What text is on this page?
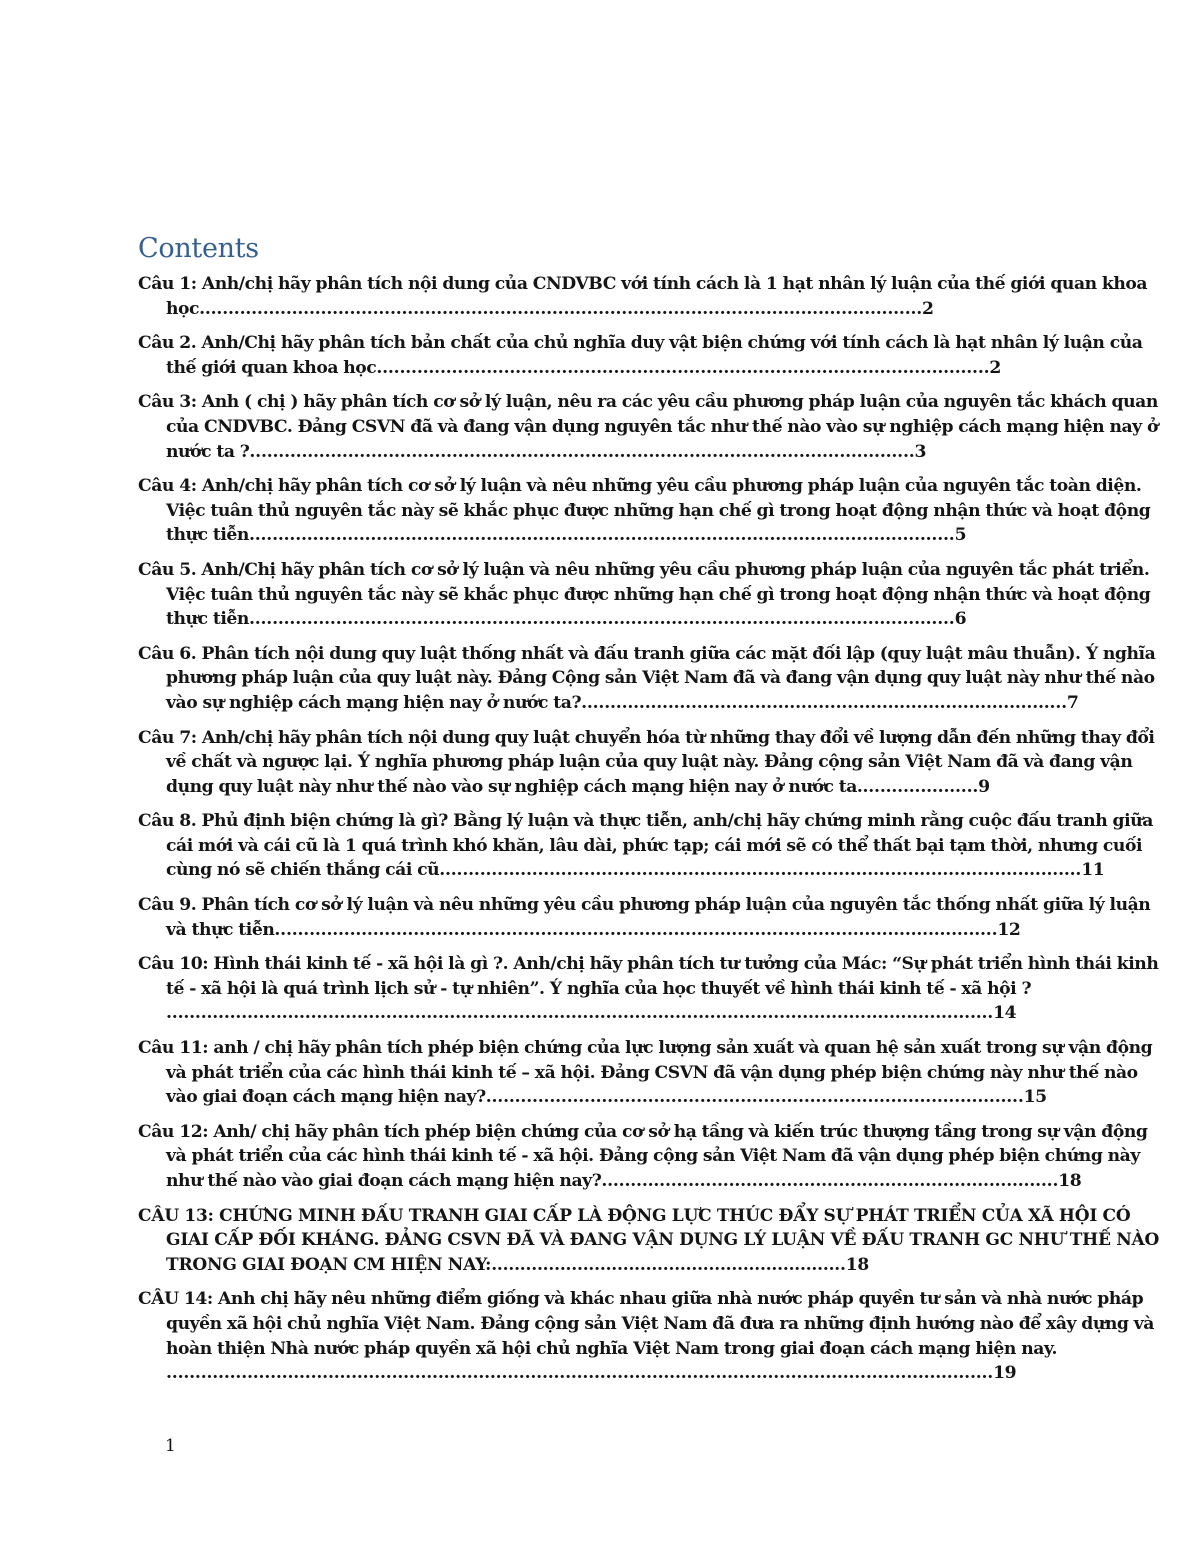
Contents
Câu 1: Anh/chị hãy phân tích nội dung của CNDVBC với tính cách là 1 hạt nhân lý luận của thế giới quan khoa học.............................................................................................................................2
Câu 2. Anh/Chị hãy phân tích bản chất của chủ nghĩa duy vật biện chứng với tính cách là hạt nhân lý luận của thế giới quan khoa học..........................................................................................................2
Câu 3: Anh ( chị ) hãy phân tích cơ sở lý luận, nêu ra các yêu cầu phương pháp luận của nguyên tắc khách quan của CNDVBC. Đảng CSVN đã và đang vận dụng nguyên tắc như thế nào vào sự nghiệp cách mạng hiện nay ở nước ta ?...................................................................................................................3
Câu 4: Anh/chị hãy phân tích cơ sở lý luận và nêu những yêu cầu phương pháp luận của nguyên tắc toàn diện. Việc tuân thủ nguyên tắc này sẽ khắc phục được những hạn chế gì trong hoạt động nhận thức và hoạt động thực tiễn..........................................................................................................................5
Câu 5. Anh/Chị hãy phân tích cơ sở lý luận và nêu những yêu cầu phương pháp luận của nguyên tắc phát triển. Việc tuân thủ nguyên tắc này sẽ khắc phục được những hạn chế gì trong hoạt động nhận thức và hoạt động thực tiễn..........................................................................................................................6
Câu 6. Phân tích nội dung quy luật thống nhất và đấu tranh giữa các mặt đối lập (quy luật mâu thuẫn). Ý nghĩa phương pháp luận của quy luật này. Đảng Cộng sản Việt Nam đã và đang vận dụng quy luật này như thế nào vào sự nghiệp cách mạng hiện nay ở nước ta?....................................................................................7
Câu 7: Anh/chị hãy phân tích nội dung quy luật chuyển hóa từ những thay đổi về lượng dẫn đến những thay đổi về chất và ngược lại. Ý nghĩa phương pháp luận của quy luật này. Đảng cộng sản Việt Nam đã và đang vận dụng quy luật này như thế nào vào sự nghiệp cách mạng hiện nay ở nước ta.....................9
Câu 8. Phủ định biện chứng là gì? Bằng lý luận và thực tiễn, anh/chị hãy chứng minh rằng cuộc đấu tranh giữa cái mới và cái cũ là 1 quá trình khó khăn, lâu dài, phức tạp; cái mới sẽ có thể thất bại tạm thời, nhưng cuối cùng nó sẽ chiến thắng cái cũ...............................................................................................................11
Câu 9. Phân tích cơ sở lý luận và nêu những yêu cầu phương pháp luận của nguyên tắc thống nhất giữa lý luận và thực tiễn.............................................................................................................................12
Câu 10: Hình thái kinh tế - xã hội là gì ?. Anh/chị hãy phân tích tư tưởng của Mác: “Sự phát triển hình thái kinh tế - xã hội là quá trình lịch sử - tự nhiên”. Ý nghĩa của học thuyết về hình thái kinh tế - xã hội ? ...............................................................................................................................................14
Câu 11: anh / chị hãy phân tích phép biện chứng của lực lượng sản xuất và quan hệ sản xuất trong sự vận động và phát triển của các hình thái kinh tế – xã hội. Đảng CSVN đã vận dụng phép biện chứng này như thế nào vào giai đoạn cách mạng hiện nay?.............................................................................................15
Câu 12: Anh/ chị hãy phân tích phép biện chứng của cơ sở hạ tầng và kiến trúc thượng tầng trong sự vận động và phát triển của các hình thái kinh tế - xã hội. Đảng cộng sản Việt Nam đã vận dụng phép biện chứng này như thế nào vào giai đoạn cách mạng hiện nay?...............................................................................18
CÂU 13: CHỨNG MINH ĐẤU TRANH GIAI CẤP LÀ ĐỘNG LỰC THÚC ĐẨY SỰ PHÁT TRIỂN CỦA XÃ HỘI CÓ GIAI CẤP ĐỐI KHÁNG. ĐẢNG CSVN ĐÃ VÀ ĐANG VẬN DỤNG LÝ LUẬN VỀ ĐẤU TRANH GC NHƯ THẾ NÀO TRONG GIAI ĐOẠN CM HIỆN NAY:..............................................................18
CÂU 14: Anh chị hãy nêu những điểm giống và khác nhau giữa nhà nước pháp quyền tư sản và nhà nước pháp quyền xã hội chủ nghĩa Việt Nam. Đảng cộng sản Việt Nam đã đưa ra những định hướng nào để xây dựng và hoàn thiện Nhà nước pháp quyền xã hội chủ nghĩa Việt Nam trong giai đoạn cách mạng hiện nay. ...............................................................................................................................................19
1
